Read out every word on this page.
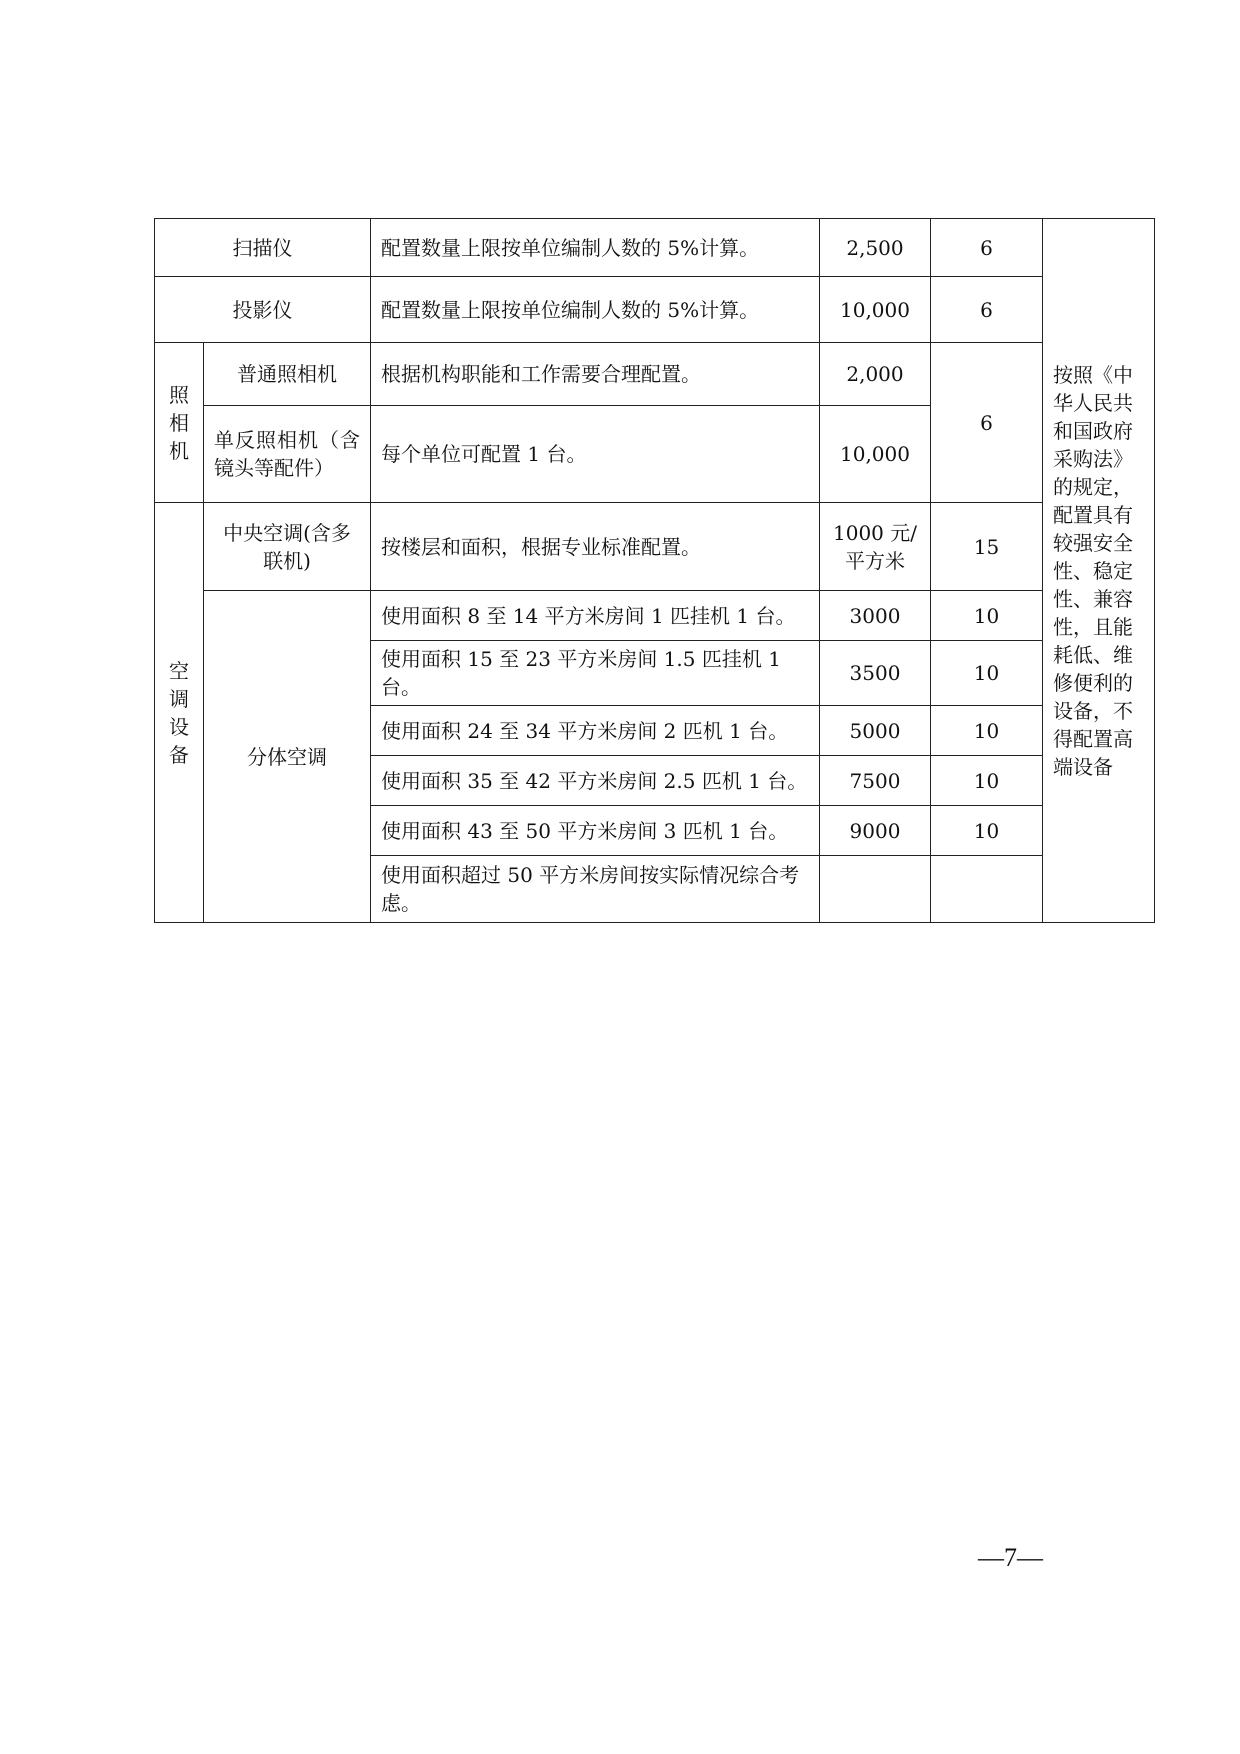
扫描仪		配置数量上限按单位编制人数的 5%计算。	2,500	6	按照《中华人民共和国政府采购法》的规定，配置具有较强安全性、稳定性、兼容性，且能耗低、维修便利的设备，不得配置高端设备
投影仪		配置数量上限按单位编制人数的 5%计算。	10,000	6	

照相机	普通照相机	根据机构职能和工作需要合理配置。	2,000	6	
	单反照相机（含镜头等配件）	每个单位可配置 1 台。	10,000		

空调设备	中央空调(含多联机)	按楼层和面积，根据专业标准配置。	1000 元/平方米	15	
	分体空调	使用面积 8 至 14 平方米房间 1 匹挂机 1 台。	3000	10	
		使用面积 15 至 23 平方米房间 1.5 匹挂机 1 台。	3500	10	
		使用面积 24 至 34 平方米房间 2 匹机 1 台。	5000	10	
		使用面积 35 至 42 平方米房间 2.5 匹机 1 台。	7500	10	
		使用面积 43 至 50 平方米房间 3 匹机 1 台。	9000	10	
		使用面积超过 50 平方米房间按实际情况综合考虑。			
—7—
